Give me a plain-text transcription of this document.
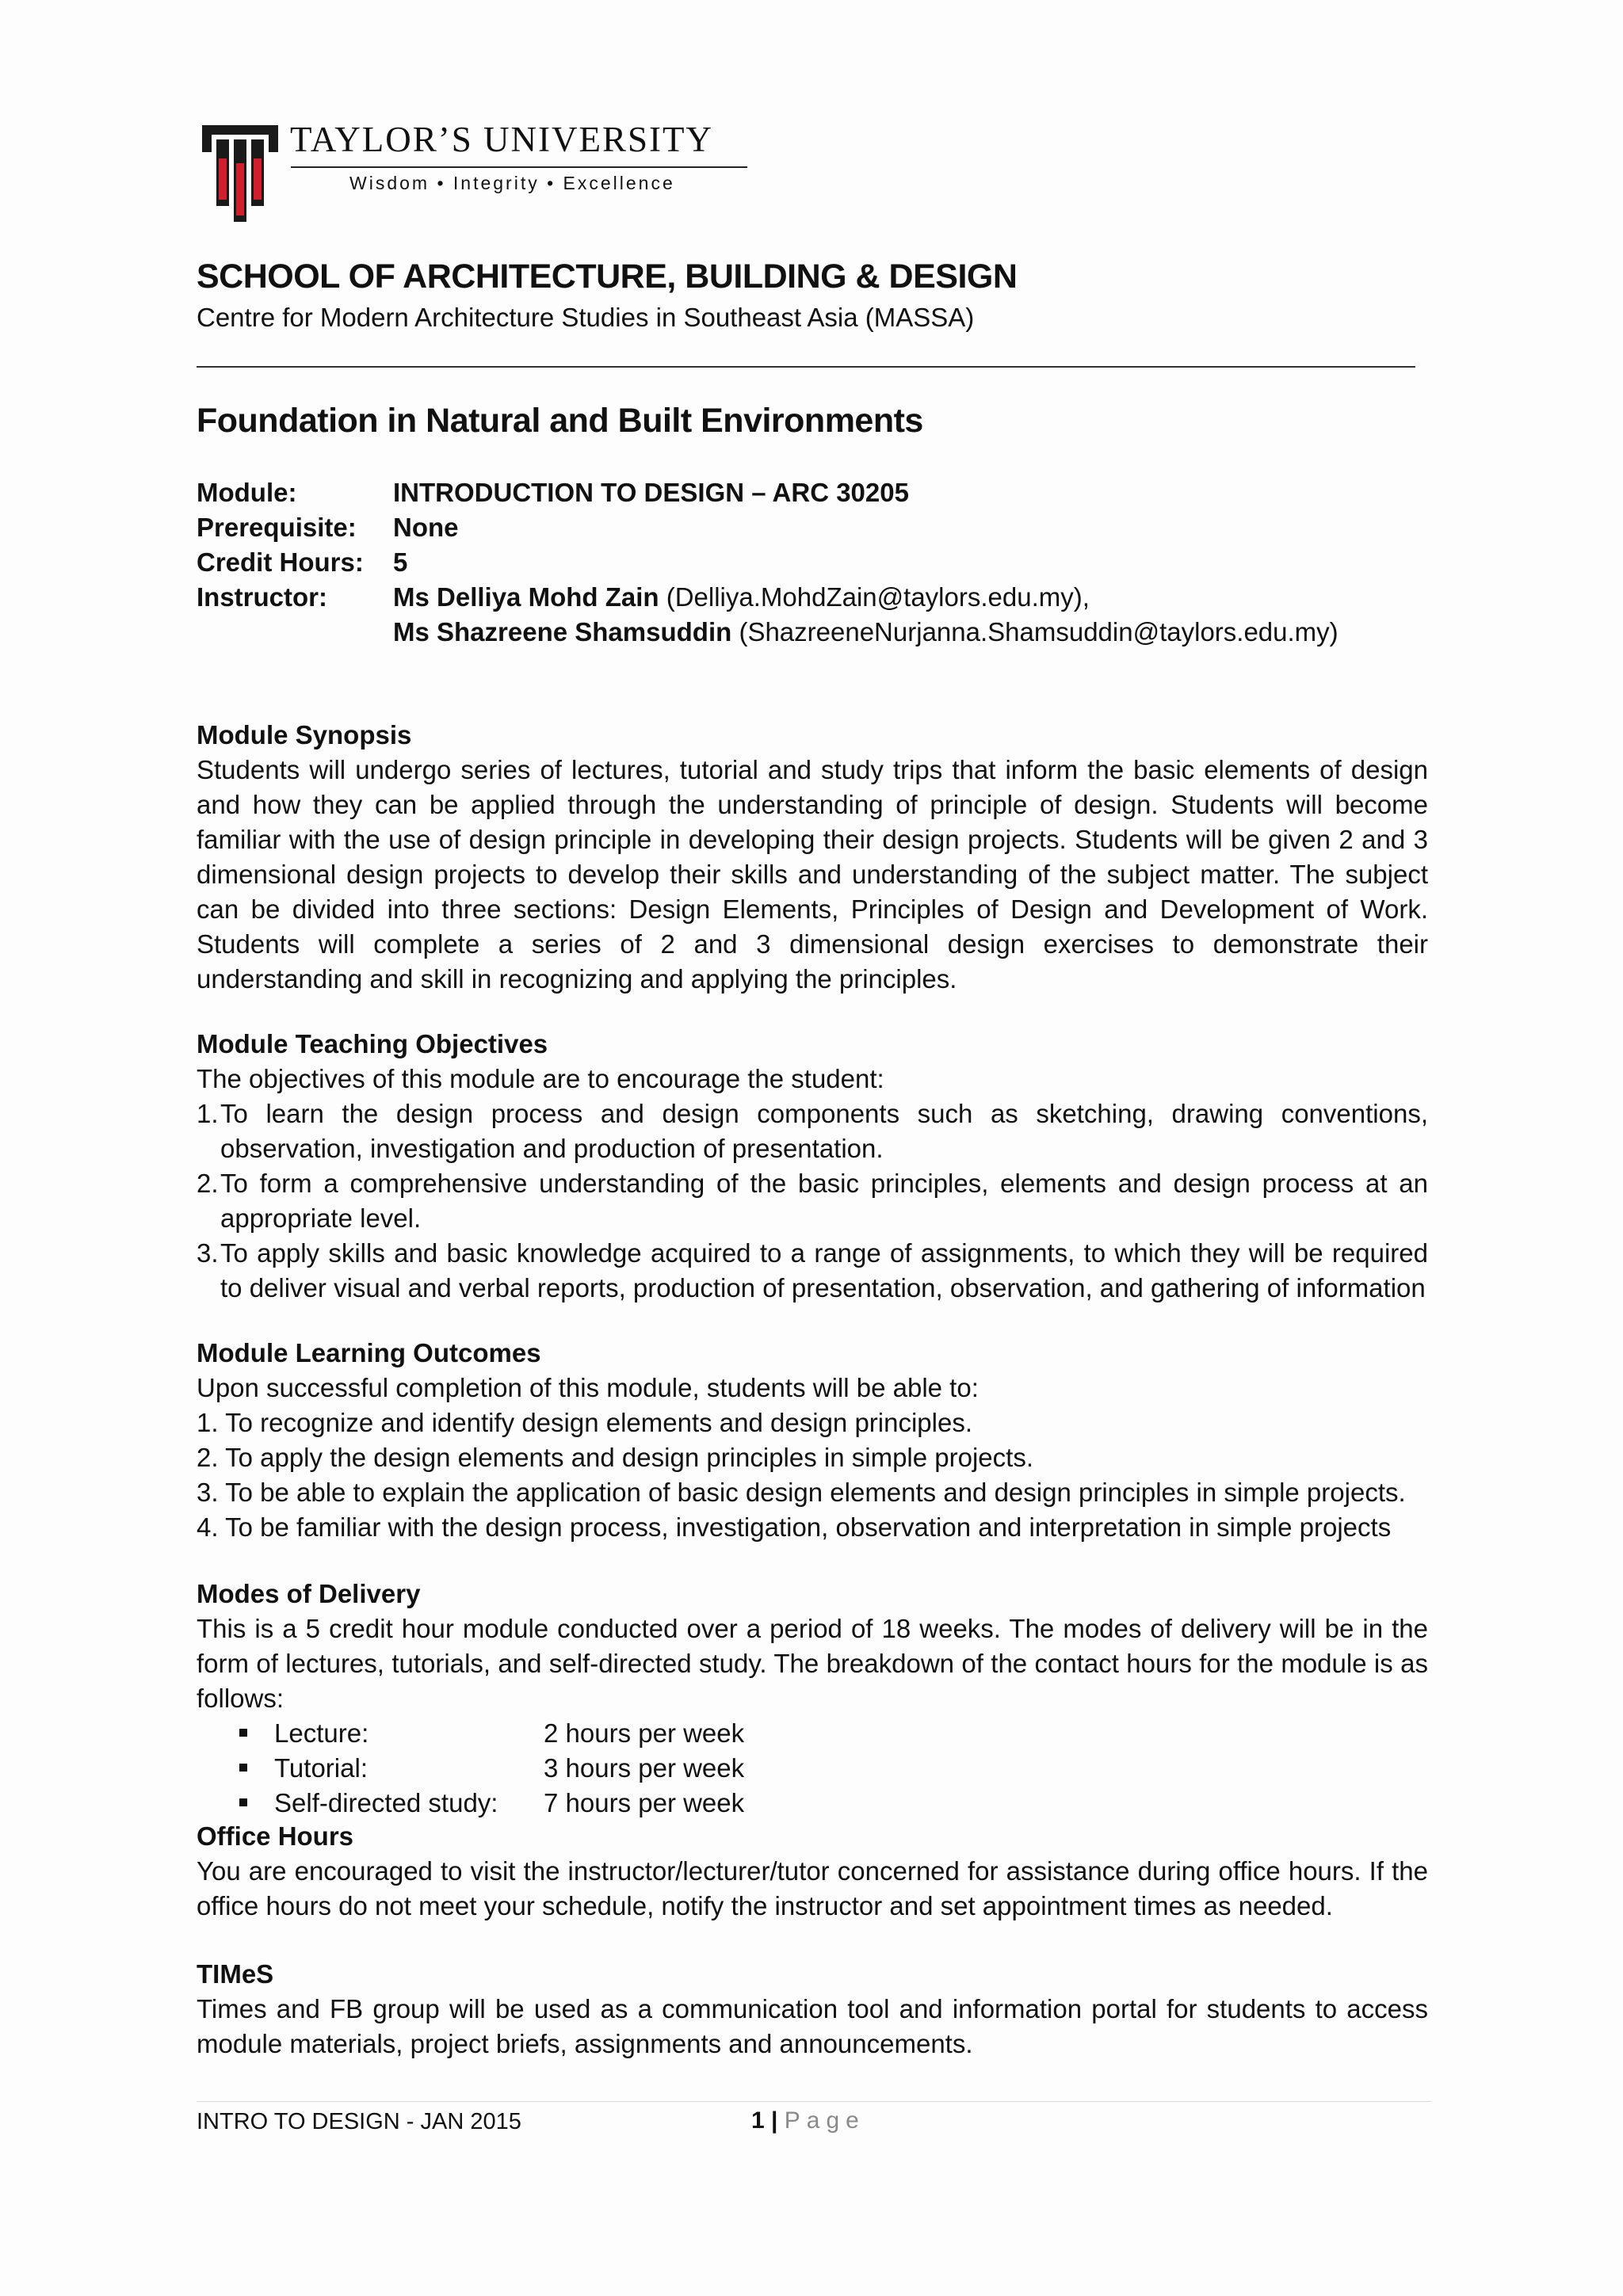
TAYLOR’S UNIVERSITY
Wisdom • Integrity • Excellence
SCHOOL OF ARCHITECTURE, BUILDING & DESIGN
Centre for Modern Architecture Studies in Southeast Asia (MASSA)
Foundation in Natural and Built Environments
Module:	INTRODUCTION TO DESIGN – ARC 30205
Prerequisite:	None
Credit Hours:	5
Instructor:	Ms Delliya Mohd Zain (Delliya.MohdZain@taylors.edu.my),
Ms Shazreene Shamsuddin (ShazreeneNurjanna.Shamsuddin@taylors.edu.my)
Module Synopsis

Students will undergo series of lectures, tutorial and study trips that inform the basic elements of design and how they can be applied through the understanding of principle of design. Students will become familiar with the use of design principle in developing their design projects. Students will be given 2 and 3 dimensional design projects to develop their skills and understanding of the subject matter. The subject can be divided into three sections: Design Elements, Principles of Design and Development of Work. Students will complete a series of 2 and 3 dimensional design exercises to demonstrate their understanding and skill in recognizing and applying the principles.

Module Teaching Objectives

The objectives of this module are to encourage the student:

1. To learn the design process and design components such as sketching, drawing conventions, observation, investigation and production of presentation.
2. To form a comprehensive understanding of the basic principles, elements and design process at an appropriate level.
3. To apply skills and basic knowledge acquired to a range of assignments, to which they will be required to deliver visual and verbal reports, production of presentation, observation, and gathering of information
Module Learning Outcomes

Upon successful completion of this module, students will be able to:

1. To recognize and identify design elements and design principles.
2. To apply the design elements and design principles in simple projects.
3. To be able to explain the application of basic design elements and design principles in simple projects.
4. To be familiar with the design process, investigation, observation and interpretation in simple projects
Modes of Delivery

This is a 5 credit hour module conducted over a period of 18 weeks. The modes of delivery will be in the form of lectures, tutorials, and self-directed study. The breakdown of the contact hours for the module is as follows:

Lecture:	2 hours per week
Tutorial:	3 hours per week
Self-directed study: 7 hours per week
Office Hours

You are encouraged to visit the instructor/lecturer/tutor concerned for assistance during office hours. If the office hours do not meet your schedule, notify the instructor and set appointment times as needed.

TIMeS

Times and FB group will be used as a communication tool and information portal for students to access module materials, project briefs, assignments and announcements.

INTRO TO DESIGN - JAN 2015	1 | Page
